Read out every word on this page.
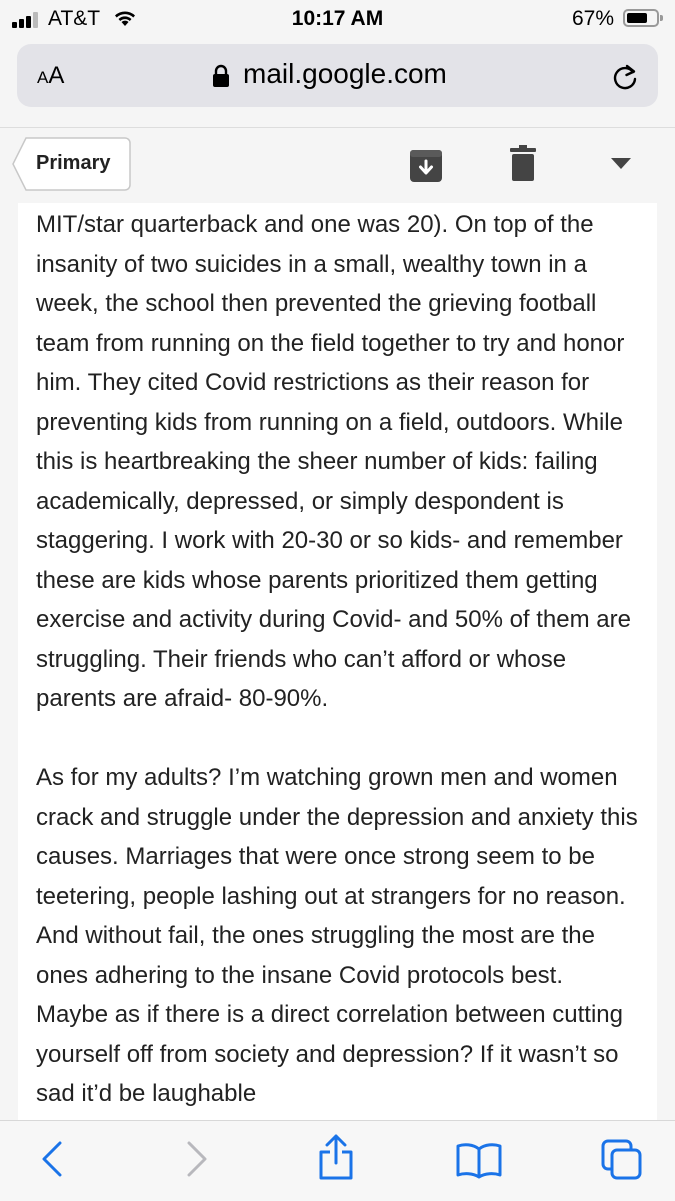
AT&T	10:17 AM	67%
AA	mail.google.com
Primary

MIT/star quarterback and one was 20). On top of the insanity of two suicides in a small, wealthy town in a week, the school then prevented the grieving football team from running on the field together to try and honor him. They cited Covid restrictions as their reason for preventing kids from running on a field, outdoors. While this is heartbreaking the sheer number of kids: failing academically, depressed, or simply despondent is staggering. I work with 20-30 or so kids- and remember these are kids whose parents prioritized them getting exercise and activity during Covid- and 50% of them are struggling. Their friends who can’t afford or whose parents are afraid- 80-90%.

As for my adults? I’m watching grown men and women crack and struggle under the depression and anxiety this causes. Marriages that were once strong seem to be teetering, people lashing out at strangers for no reason. And without fail, the ones struggling the most are the ones adhering to the insane Covid protocols best. Maybe as if there is a direct correlation between cutting yourself off from society and depression? If it wasn’t so sad it’d be laughable
